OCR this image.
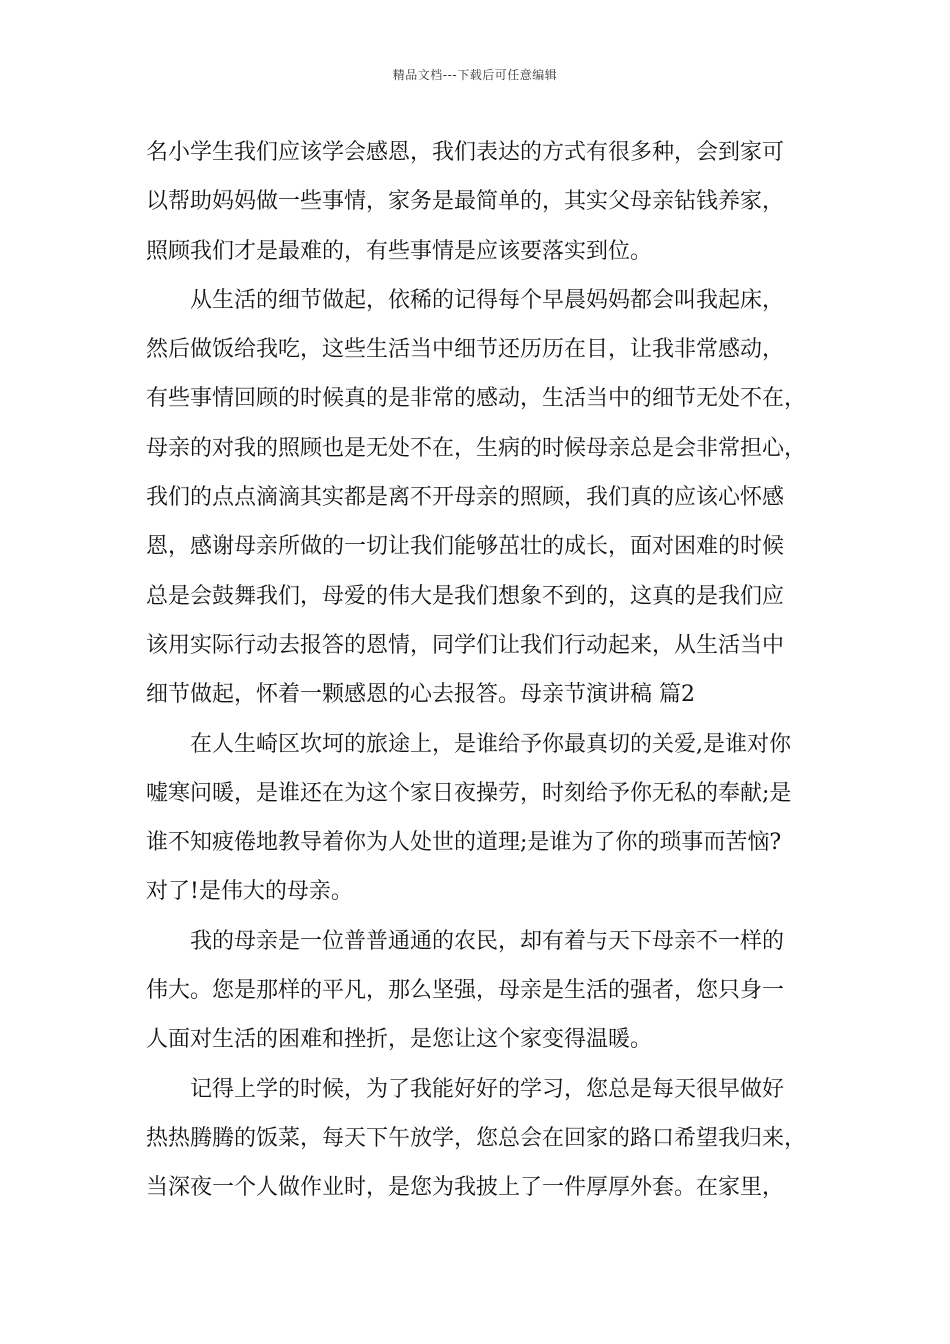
精品文档---下载后可任意编辑
名小学生我们应该学会感恩，我们表达的方式有很多种，会到家可
以帮助妈妈做一些事情，家务是最简单的，其实父母亲钻钱养家，
照顾我们才是最难的，有些事情是应该要落实到位。
从生活的细节做起，依稀的记得每个早晨妈妈都会叫我起床，
然后做饭给我吃，这些生活当中细节还历历在目，让我非常感动，
有些事情回顾的时候真的是非常的感动，生活当中的细节无处不在，
母亲的对我的照顾也是无处不在，生病的时候母亲总是会非常担心，
我们的点点滴滴其实都是离不开母亲的照顾，我们真的应该心怀感
恩，感谢母亲所做的一切让我们能够茁壮的成长，面对困难的时候
总是会鼓舞我们，母爱的伟大是我们想象不到的，这真的是我们应
该用实际行动去报答的恩情，同学们让我们行动起来，从生活当中
细节做起，怀着一颗感恩的心去报答。母亲节演讲稿 篇2
在人生崎区坎坷的旅途上，是谁给予你最真切的关爱,是谁对你
嘘寒问暖，是谁还在为这个家日夜操劳，时刻给予你无私的奉献;是
谁不知疲倦地教导着你为人处世的道理;是谁为了你的琐事而苦恼?
对了!是伟大的母亲。
我的母亲是一位普普通通的农民，却有着与天下母亲不一样的
伟大。您是那样的平凡，那么坚强，母亲是生活的强者，您只身一
人面对生活的困难和挫折，是您让这个家变得温暖。
记得上学的时候，为了我能好好的学习，您总是每天很早做好
热热腾腾的饭菜，每天下午放学，您总会在回家的路口希望我归来，
当深夜一个人做作业时，是您为我披上了一件厚厚外套。在家里，
